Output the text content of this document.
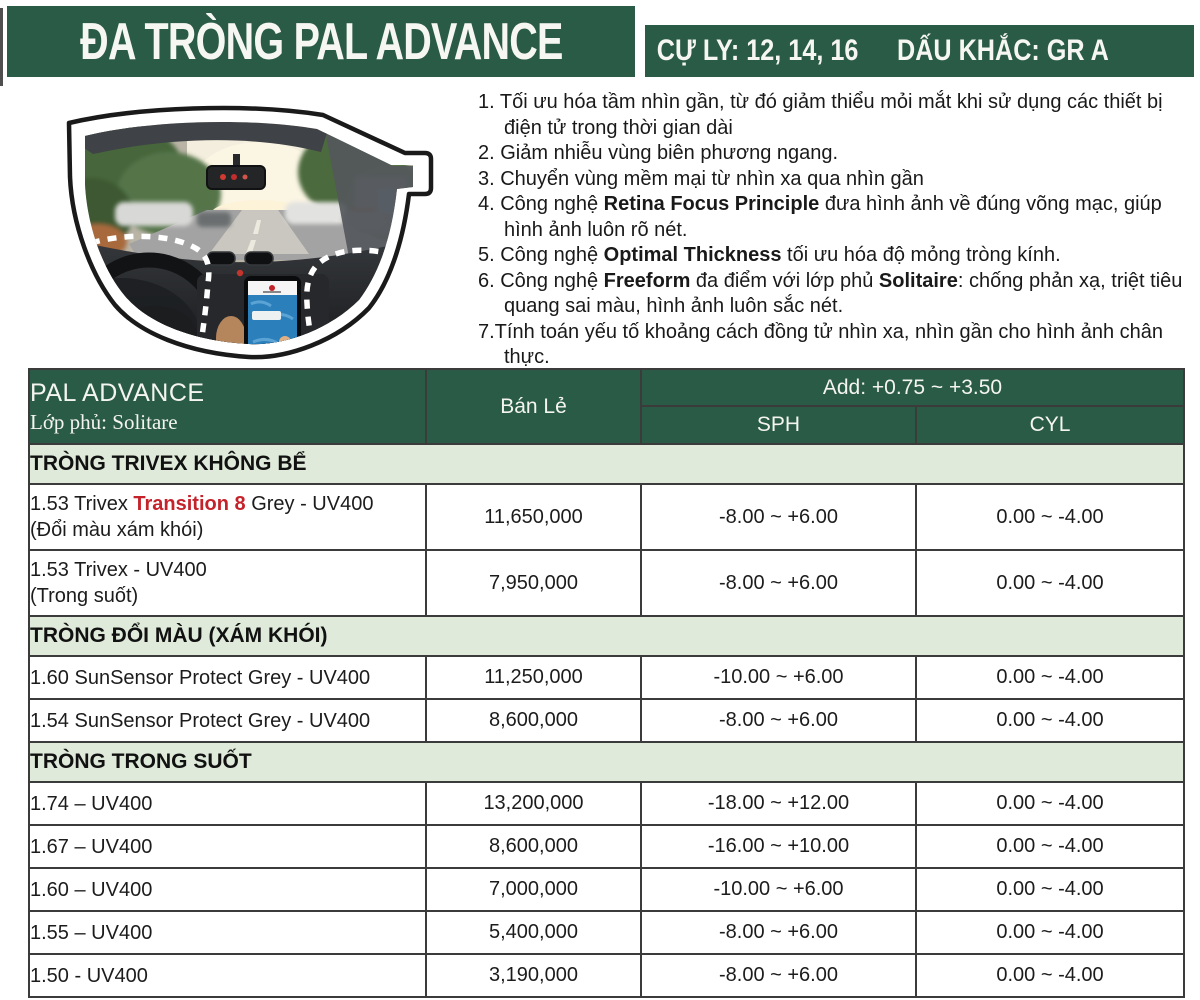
ĐA TRÒNG PAL ADVANCE	CỰ LY: 12, 14, 16 DẤU KHẮC: GR A
1. Tối ưu hóa tầm nhìn gần, từ đó giảm thiểu mỏi mắt khi sử dụng các thiết bị điện tử trong thời gian dài
2. Giảm nhiễu vùng biên phương ngang.
3. Chuyển vùng mềm mại từ nhìn xa qua nhìn gần
4. Công nghệ Retina Focus Principle đưa hình ảnh về đúng võng mạc, giúp hình ảnh luôn rõ nét.
5. Công nghệ Optimal Thickness tối ưu hóa độ mỏng tròng kính.
6. Công nghệ Freeform đa điểm với lớp phủ Solitaire: chống phản xạ, triệt tiêu quang sai màu, hình ảnh luôn sắc nét.
7.Tính toán yếu tố khoảng cách đồng tử nhìn xa, nhìn gần cho hình ảnh chân thực.
PAL ADVANCE
Lớp phủ: Solitare	Bán Lẻ	Add: +0.75 ~ +3.50	
		SPH	CYL
TRÒNG TRIVEX KHÔNG BỂ			
1.53 Trivex Transition 8 Grey - UV400
(Đổi màu xám khói)	11,650,000	-8.00 ~ +6.00	0.00 ~ -4.00
1.53 Trivex - UV400
(Trong suốt)	7,950,000	-8.00 ~ +6.00	0.00 ~ -4.00
TRÒNG ĐỔI MÀU (XÁM KHÓI)			
1.60 SunSensor Protect Grey - UV400	11,250,000	-10.00 ~ +6.00	0.00 ~ -4.00
1.54 SunSensor Protect Grey - UV400	8,600,000	-8.00 ~ +6.00	0.00 ~ -4.00
TRÒNG TRONG SUỐT			
1.74 – UV400	13,200,000	-18.00 ~ +12.00	0.00 ~ -4.00
1.67 – UV400	8,600,000	-16.00 ~ +10.00	0.00 ~ -4.00
1.60 – UV400	7,000,000	-10.00 ~ +6.00	0.00 ~ -4.00
1.55 – UV400	5,400,000	-8.00 ~ +6.00	0.00 ~ -4.00
1.50 - UV400	3,190,000	-8.00 ~ +6.00	0.00 ~ -4.00
